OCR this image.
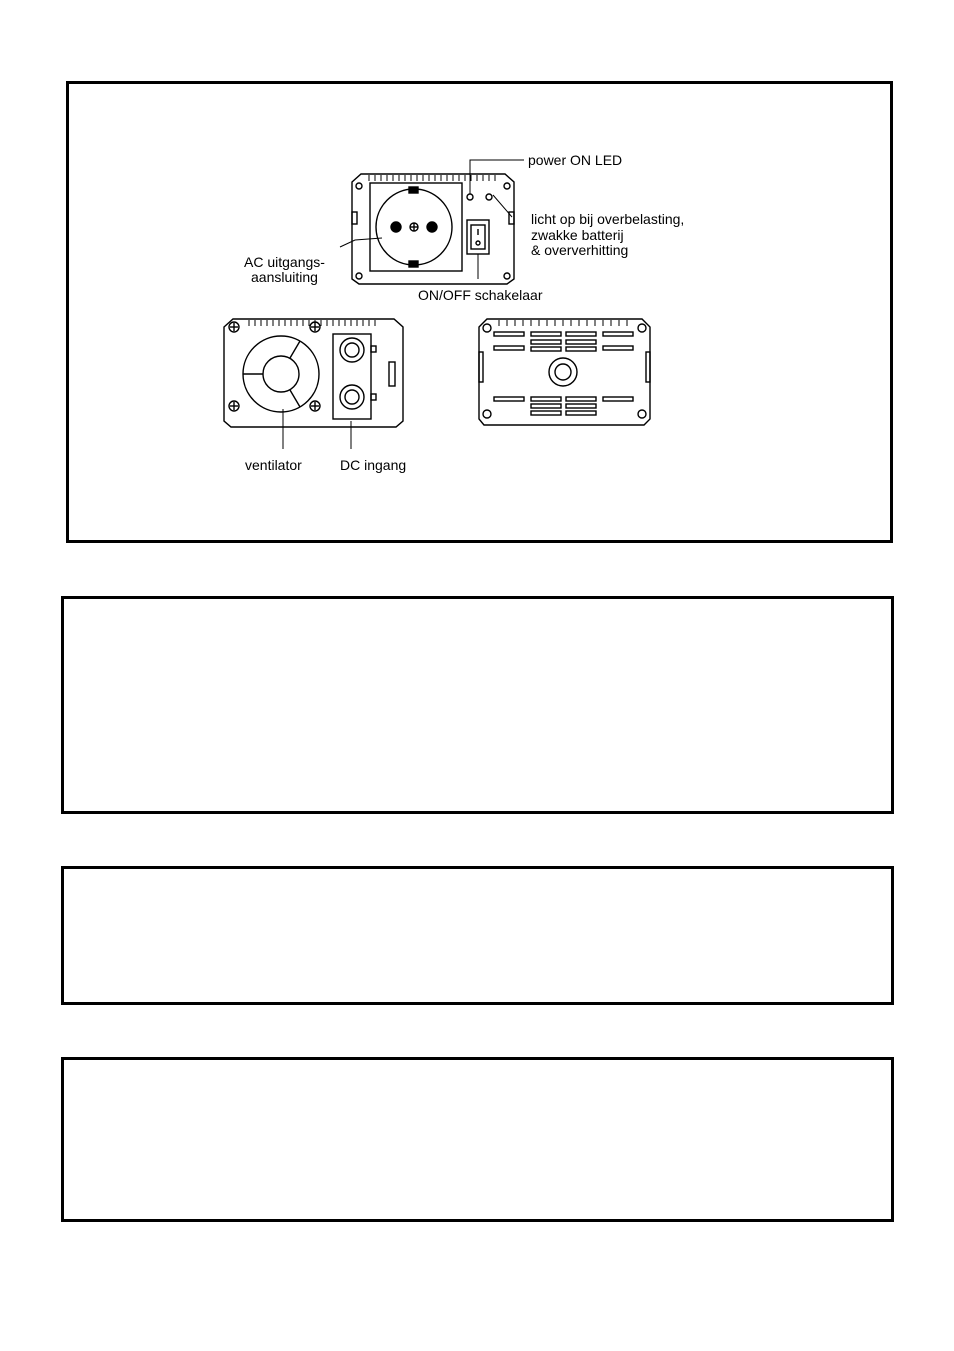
power ON LED
licht op bij overbelasting,
zwakke batterij
& oververhitting
AC uitgangs-
aansluiting
ON/OFF schakelaar
ventilator	DC ingang
